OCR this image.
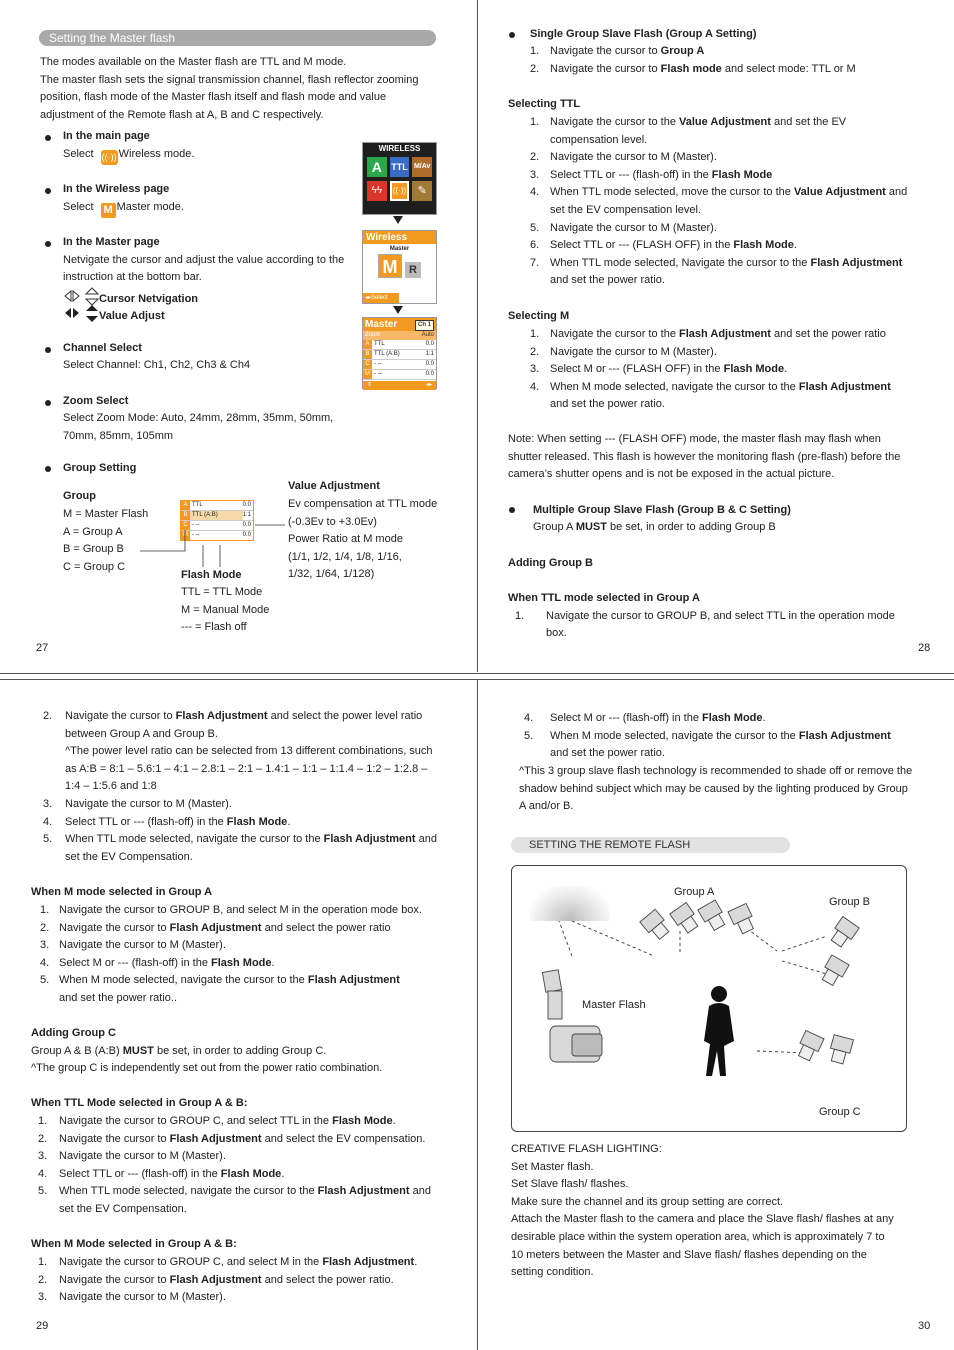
Setting the Master flash
The modes available on the Master flash are TTL and M mode.
The master flash sets the signal transmission channel, flash reflector zooming
position, flash mode of the Master flash itself and flash mode and value
adjustment of the Remote flash at A, B and C respectively.
In the main page
Select ((·)) Wireless mode.
In the Wireless page
Select M Master mode.
In the Master page
Netvigate the cursor and adjust the value according to the
instruction at the bottom bar.
Cursor Netvigation
Value Adjust
Channel Select
Select Channel: Ch1, Ch2, Ch3 & Ch4
Zoom Select
Select Zoom Mode: Auto, 24mm, 28mm, 35mm, 50mm,
70mm, 85mm, 105mm
Group Setting
Group
M = Master Flash
A = Group A
B = Group B
C = Group C
Value Adjustment
Ev compensation at TTL mode
(-0.3Ev to +3.0Ev)
Power Ratio at M mode
(1/1, 1/2, 1/4, 1/8, 1/16,
1/32, 1/64, 1/128)
Flash Mode
TTL = TTL Mode
M = Manual Mode
--- = Flash off
A TTL	0.0
B TTL (A:B)	1:1
C - --	0.0
M - --	0.0
WIRELESS
A	TTL M/Av
ϟϟ	((·))	✎
Wireless
Master
M	R
◂▸Select
Master	Ch 1
Zoom	Auto
A TTL	0.0
B TTL (A:B)	1:1
C - --	0.0
M - --	0.0
⇕	◂▸
27
Single Group Slave Flash (Group A Setting)
1. Navigate the cursor to Group A
2. Navigate the cursor to Flash mode and select mode: TTL or M
Selecting TTL
1. Navigate the cursor to the Value Adjustment and set the EV
compensation level.
2. Navigate the cursor to M (Master).
3. Select TTL or --- (flash-off) in the Flash Mode
4. When TTL mode selected, move the cursor to the Value Adjustment and
set the EV compensation level.
5. Navigate the cursor to M (Master).
6. Select TTL or --- (FLASH OFF) in the Flash Mode.
7. When TTL mode selected, Navigate the cursor to the Flash Adjustment
and set the power ratio.
Selecting M
1. Navigate the cursor to the Flash Adjustment and set the power ratio
2. Navigate the cursor to M (Master).
3. Select M or --- (FLASH OFF) in the Flash Mode.
4. When M mode selected, navigate the cursor to the Flash Adjustment
and set the power ratio.
Note: When setting --- (FLASH OFF) mode, the master flash may flash when
shutter released. This flash is however the monitoring flash (pre-flash) before the
camera’s shutter opens and is not be exposed in the actual picture.
Multiple Group Slave Flash (Group B & C Setting)
Group A MUST be set, in order to adding Group B
Adding Group B
When TTL mode selected in Group A
1. Navigate the cursor to GROUP B, and select TTL in the operation mode
box.
28
2. Navigate the cursor to Flash Adjustment and select the power level ratio
between Group A and Group B.
^The power level ratio can be selected from 13 different combinations, such
as A:B = 8:1 – 5.6:1 – 4:1 – 2.8:1 – 2:1 – 1.4:1 – 1:1 – 1:1.4 – 1:2 – 1:2.8 –
1:4 – 1:5.6 and 1:8
3. Navigate the cursor to M (Master).
4. Select TTL or --- (flash-off) in the Flash Mode.
5. When TTL mode selected, navigate the cursor to the Flash Adjustment and
set the EV Compensation.
When M mode selected in Group A
1. Navigate the cursor to GROUP B, and select M in the operation mode box.
2. Navigate the cursor to Flash Adjustment and select the power ratio
3. Navigate the cursor to M (Master).
4. Select M or --- (flash-off) in the Flash Mode.
5. When M mode selected, navigate the cursor to the Flash Adjustment
and set the power ratio..
Adding Group C
Group A & B (A:B) MUST be set, in order to adding Group C.
^The group C is independently set out from the power ratio combination.
When TTL Mode selected in Group A & B:
1. Navigate the cursor to GROUP C, and select TTL in the Flash Mode.
2. Navigate the cursor to Flash Adjustment and select the EV compensation.
3. Navigate the cursor to M (Master).
4. Select TTL or --- (flash-off) in the Flash Mode.
5. When TTL mode selected, navigate the cursor to the Flash Adjustment and
set the EV Compensation.
When M Mode selected in Group A & B:
1. Navigate the cursor to GROUP C, and select M in the Flash Adjustment.
2. Navigate the cursor to Flash Adjustment and select the power ratio.
3. Navigate the cursor to M (Master).
29
4. Select M or --- (flash-off) in the Flash Mode.
5. When M mode selected, navigate the cursor to the Flash Adjustment
and set the power ratio.
^This 3 group slave flash technology is recommended to shade off or remove the
shadow behind subject which may be caused by the lighting produced by Group
A and/or B.
SETTING THE REMOTE FLASH
Group A
Group B
Master Flash
Group C
CREATIVE FLASH LIGHTING:
Set Master flash.
Set Slave flash/ flashes.
Make sure the channel and its group setting are correct.
Attach the Master flash to the camera and place the Slave flash/ flashes at any
desirable place within the system operation area, which is approximately 7 to
10 meters between the Master and Slave flash/ flashes depending on the
setting condition.
30
